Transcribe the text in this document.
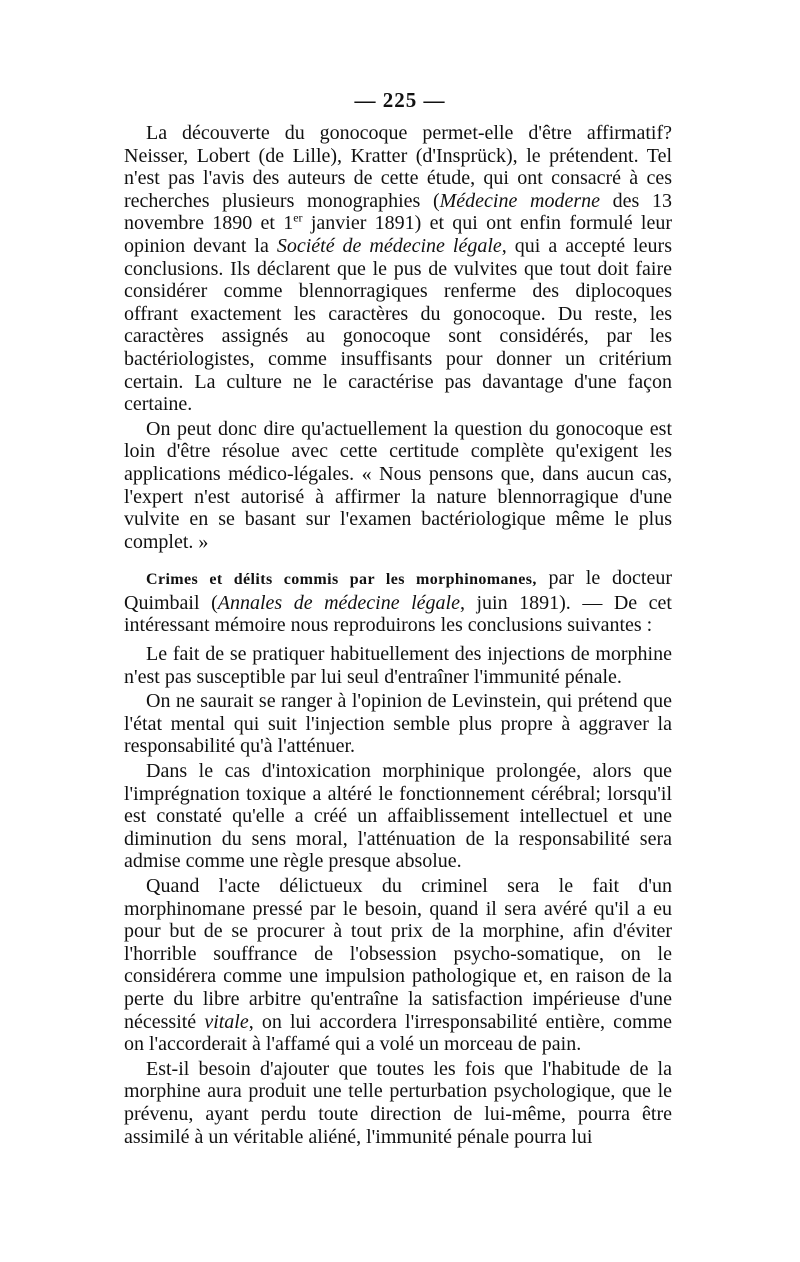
— 225 —

La découverte du gonocoque permet-elle d'être affirmatif? Neisser, Lobert (de Lille), Kratter (d'Insprück), le prétendent. Tel n'est pas l'avis des auteurs de cette étude, qui ont consacré à ces recherches plusieurs monographies (Médecine moderne des 13 novembre 1890 et 1er janvier 1891) et qui ont enfin formulé leur opinion devant la Société de médecine légale, qui a accepté leurs conclusions. Ils déclarent que le pus de vulvites que tout doit faire considérer comme blennorragiques renferme des diplocoques offrant exactement les caractères du gonocoque. Du reste, les caractères assignés au gonocoque sont considérés, par les bactériologistes, comme insuffisants pour donner un critérium certain. La culture ne le caractérise pas davantage d'une façon certaine.

On peut donc dire qu'actuellement la question du gonocoque est loin d'être résolue avec cette certitude complète qu'exigent les applications médico-légales. « Nous pensons que, dans aucun cas, l'expert n'est autorisé à affirmer la nature blennorragique d'une vulvite en se basant sur l'examen bactériologique même le plus complet. »

Crimes et délits commis par les morphinomanes, par le docteur Quimbail (Annales de médecine légale, juin 1891). — De cet intéressant mémoire nous reproduirons les conclusions suivantes :

Le fait de se pratiquer habituellement des injections de morphine n'est pas susceptible par lui seul d'entraîner l'immunité pénale.

On ne saurait se ranger à l'opinion de Levinstein, qui prétend que l'état mental qui suit l'injection semble plus propre à aggraver la responsabilité qu'à l'atténuer.

Dans le cas d'intoxication morphinique prolongée, alors que l'imprégnation toxique a altéré le fonctionnement cérébral; lorsqu'il est constaté qu'elle a créé un affaiblissement intellectuel et une diminution du sens moral, l'atténuation de la responsabilité sera admise comme une règle presque absolue.

Quand l'acte délictueux du criminel sera le fait d'un morphinomane pressé par le besoin, quand il sera avéré qu'il a eu pour but de se procurer à tout prix de la morphine, afin d'éviter l'horrible souffrance de l'obsession psycho-somatique, on le considérera comme une impulsion pathologique et, en raison de la perte du libre arbitre qu'entraîne la satisfaction impérieuse d'une nécessité vitale, on lui accordera l'irresponsabilité entière, comme on l'accorderait à l'affamé qui a volé un morceau de pain.

Est-il besoin d'ajouter que toutes les fois que l'habitude de la morphine aura produit une telle perturbation psychologique, que le prévenu, ayant perdu toute direction de lui-même, pourra être assimilé à un véritable aliéné, l'immunité pénale pourra lui
